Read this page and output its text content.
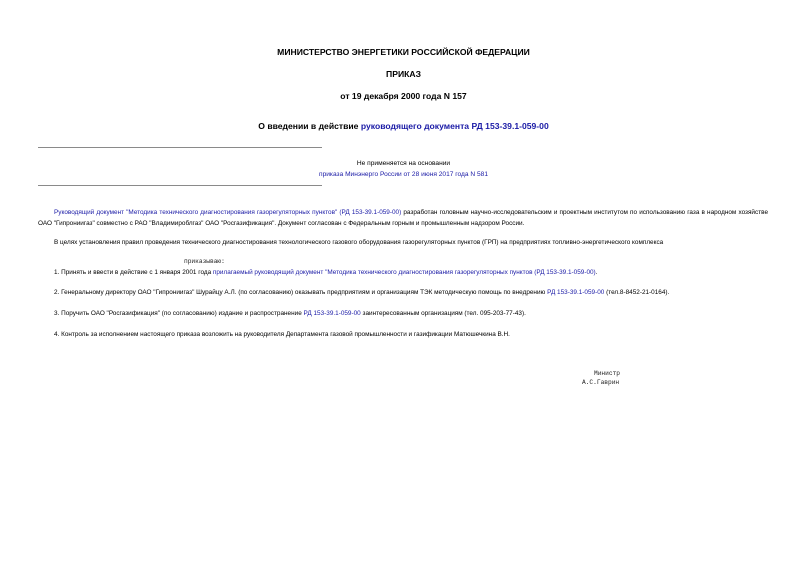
МИНИСТЕРСТВО ЭНЕРГЕТИКИ РОССИЙСКОЙ ФЕДЕРАЦИИ
ПРИКАЗ
от 19 декабря 2000 года N 157
О введении в действие руководящего документа РД 153-39.1-059-00
Не применяется на основании
приказа Минэнерго России от 28 июня 2017 года N 581
Руководящий документ "Методика технического диагностирования газорегуляторных пунктов" (РД 153-39.1-059-00) разработан головным научно-исследовательским и проектным институтом по использованию газа в народном хозяйстве ОАО "Гипрониигаз" совместно с РАО "Владимироблгаз" ОАО "Росгазификация". Документ согласован с Федеральным горным и промышленным надзором России.
В целях установления правил проведения технического диагностирования технологического газового оборудования газорегуляторных пунктов (ГРП) на предприятиях топливно-энергетического комплекса
приказываю:
1. Принять и ввести в действие с 1 января 2001 года прилагаемый руководящий документ "Методика технического диагностирования газорегуляторных пунктов (РД 153-39.1-059-00).
2. Генеральному директору ОАО "Гипрониигаз" Шурайцу А.Л. (по согласованию) оказывать предприятиям и организациям ТЭК методическую помощь по внедрению РД 153-39.1-059-00 (тел.8-8452-21-0164).
3. Поручить ОАО "Росгазификация" (по согласованию) издание и распространение РД 153-39.1-059-00 заинтересованным организациям (тел. 095-203-77-43).
4. Контроль за исполнением настоящего приказа возложить на руководителя Департамента газовой промышленности и газификации Матюшечкина В.Н.
Министр
А.С.Гаврин
